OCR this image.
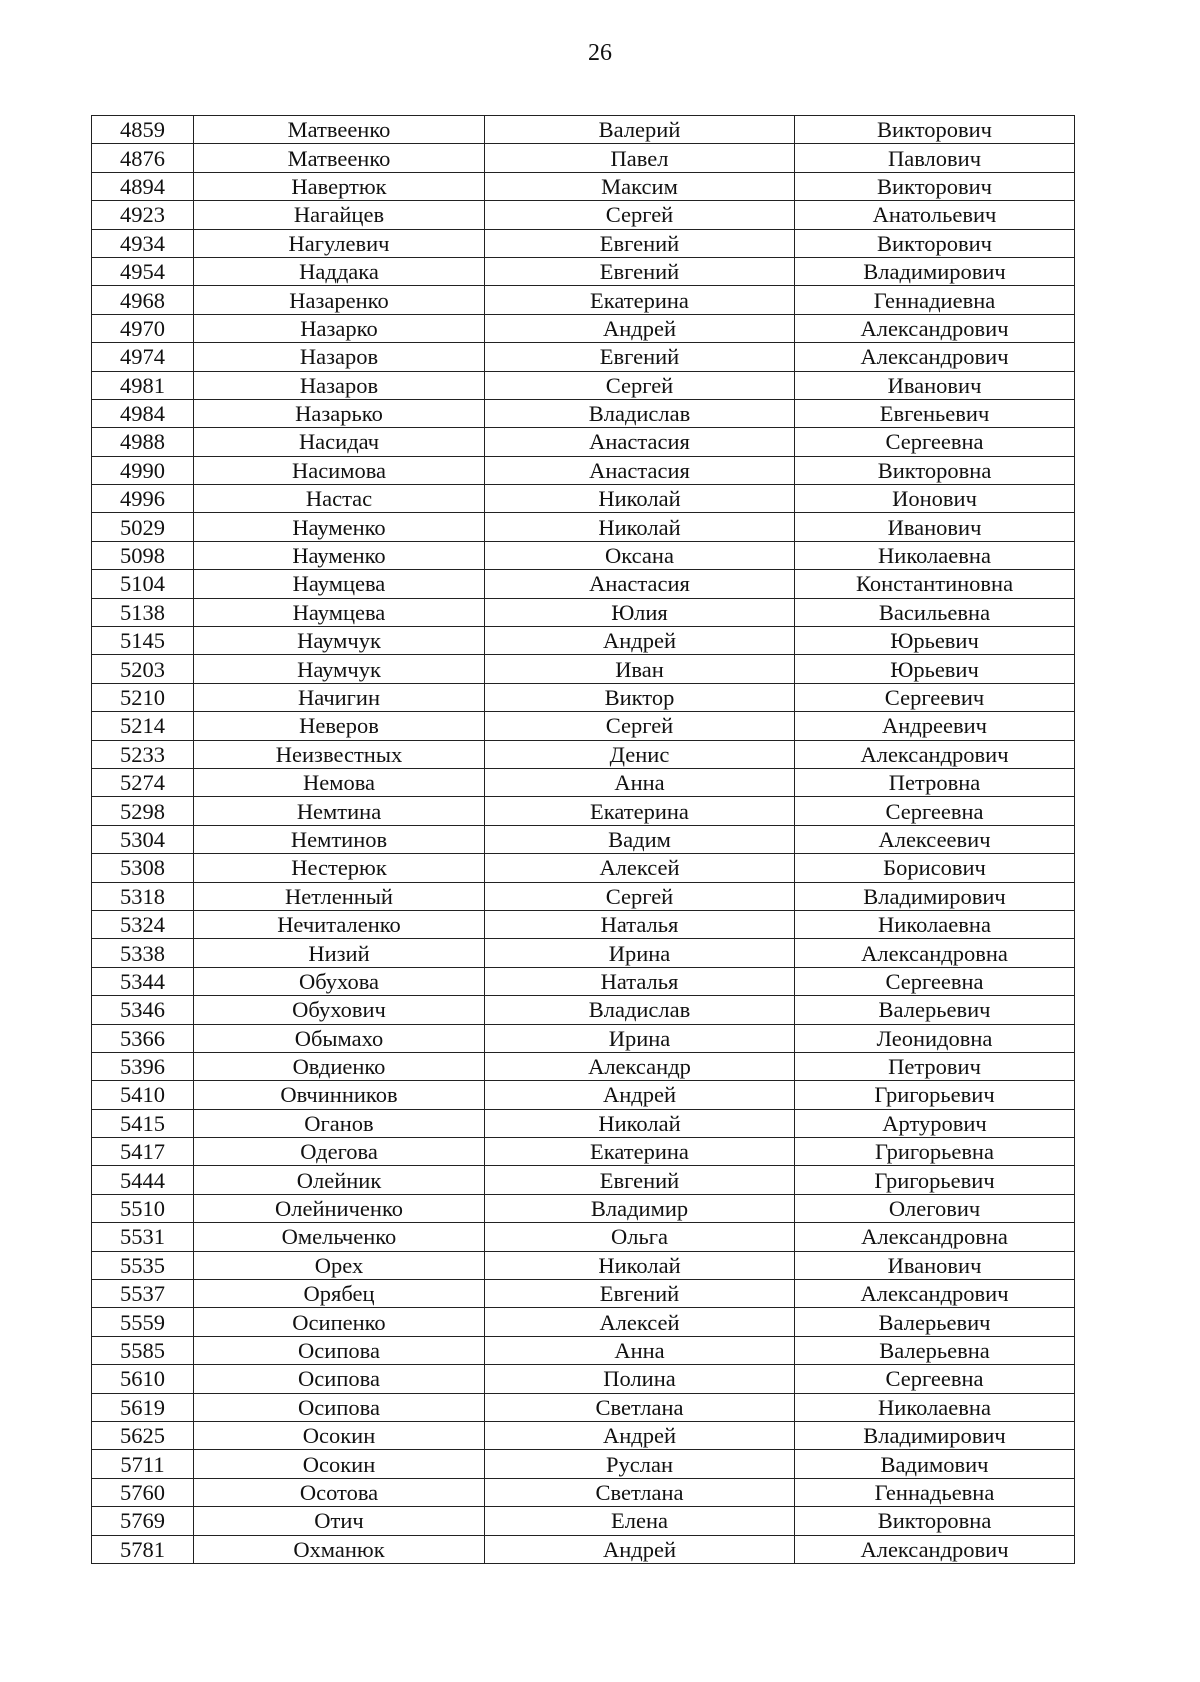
26
4859	Матвеенко	Валерий	Викторович
4876	Матвеенко	Павел	Павлович
4894	Навертюк	Максим	Викторович
4923	Нагайцев	Сергей	Анатольевич
4934	Нагулевич	Евгений	Викторович
4954	Наддака	Евгений	Владимирович
4968	Назаренко	Екатерина	Геннадиевна
4970	Назарко	Андрей	Александрович
4974	Назаров	Евгений	Александрович
4981	Назаров	Сергей	Иванович
4984	Назарько	Владислав	Евгеньевич
4988	Насидач	Анастасия	Сергеевна
4990	Насимова	Анастасия	Викторовна
4996	Настас	Николай	Ионович
5029	Науменко	Николай	Иванович
5098	Науменко	Оксана	Николаевна
5104	Наумцева	Анастасия	Константиновна
5138	Наумцева	Юлия	Васильевна
5145	Наумчук	Андрей	Юрьевич
5203	Наумчук	Иван	Юрьевич
5210	Начигин	Виктор	Сергеевич
5214	Неверов	Сергей	Андреевич
5233	Неизвестных	Денис	Александрович
5274	Немова	Анна	Петровна
5298	Немтина	Екатерина	Сергеевна
5304	Немтинов	Вадим	Алексеевич
5308	Нестерюк	Алексей	Борисович
5318	Нетленный	Сергей	Владимирович
5324	Нечиталенко	Наталья	Николаевна
5338	Низий	Ирина	Александровна
5344	Обухова	Наталья	Сергеевна
5346	Обухович	Владислав	Валерьевич
5366	Обымахо	Ирина	Леонидовна
5396	Овдиенко	Александр	Петрович
5410	Овчинников	Андрей	Григорьевич
5415	Оганов	Николай	Артурович
5417	Одегова	Екатерина	Григорьевна
5444	Олейник	Евгений	Григорьевич
5510	Олейниченко	Владимир	Олегович
5531	Омельченко	Ольга	Александровна
5535	Орех	Николай	Иванович
5537	Орябец	Евгений	Александрович
5559	Осипенко	Алексей	Валерьевич
5585	Осипова	Анна	Валерьевна
5610	Осипова	Полина	Сергеевна
5619	Осипова	Светлана	Николаевна
5625	Осокин	Андрей	Владимирович
5711	Осокин	Руслан	Вадимович
5760	Осотова	Светлана	Геннадьевна
5769	Отич	Елена	Викторовна
5781	Охманюк	Андрей	Александрович
